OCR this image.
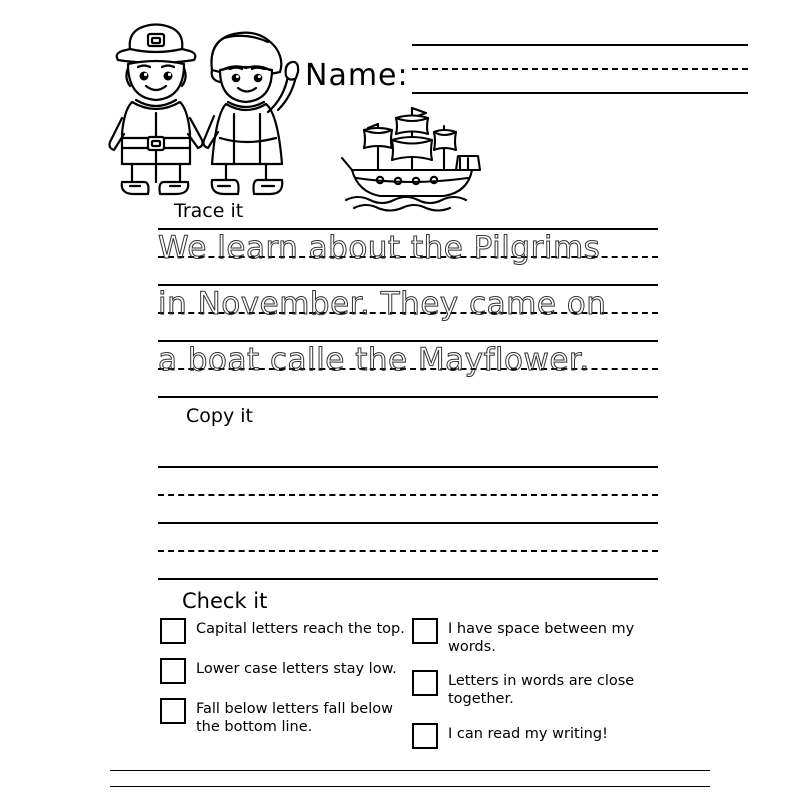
Name:
Trace it
We learn about the Pilgrims
in November. They came on
a boat calle the Mayflower.
Copy it
Check it
Capital letters reach the top.
Lower case letters stay low.
Fall below letters fall below the bottom line.
I have space between my words.
Letters in words are close together.
I can read my writing!
